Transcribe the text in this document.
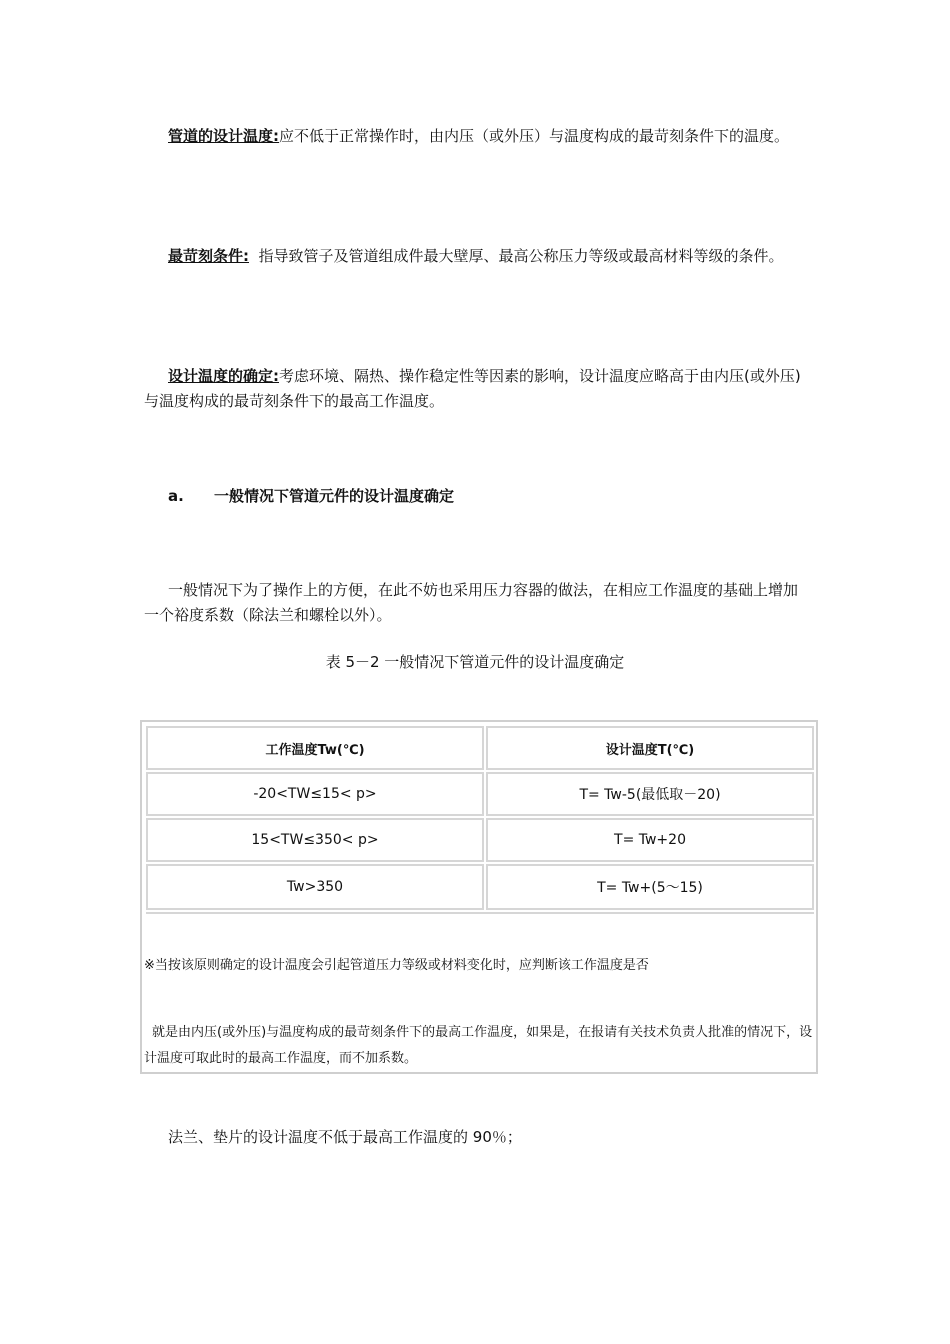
管道的设计温度:应不低于正常操作时，由内压（或外压）与温度构成的最苛刻条件下的温度。
最苛刻条件:  指导致管子及管道组成件最大壁厚、最高公称压力等级或最高材料等级的条件。
设计温度的确定:考虑环境、隔热、操作稳定性等因素的影响，设计温度应略高于由内压(或外压)与温度构成的最苛刻条件下的最高工作温度。
a. 一般情况下管道元件的设计温度确定
一般情况下为了操作上的方便，在此不妨也采用压力容器的做法，在相应工作温度的基础上增加一个裕度系数（除法兰和螺栓以外）。
表 5－2 一般情况下管道元件的设计温度确定
工作温度Tw(℃)	设计温度T(℃)
-20<TW≤15< p>	T= Tw-5(最低取－20)
15<TW≤350< p>	T= Tw+20
Tw>350	T= Tw+(5～15)
※当按该原则确定的设计温度会引起管道压力等级或材料变化时，应判断该工作温度是否
就是由内压(或外压)与温度构成的最苛刻条件下的最高工作温度，如果是，在报请有关技术负责人批准的情况下，设计温度可取此时的最高工作温度，而不加系数。
法兰、垫片的设计温度不低于最高工作温度的 90％；
